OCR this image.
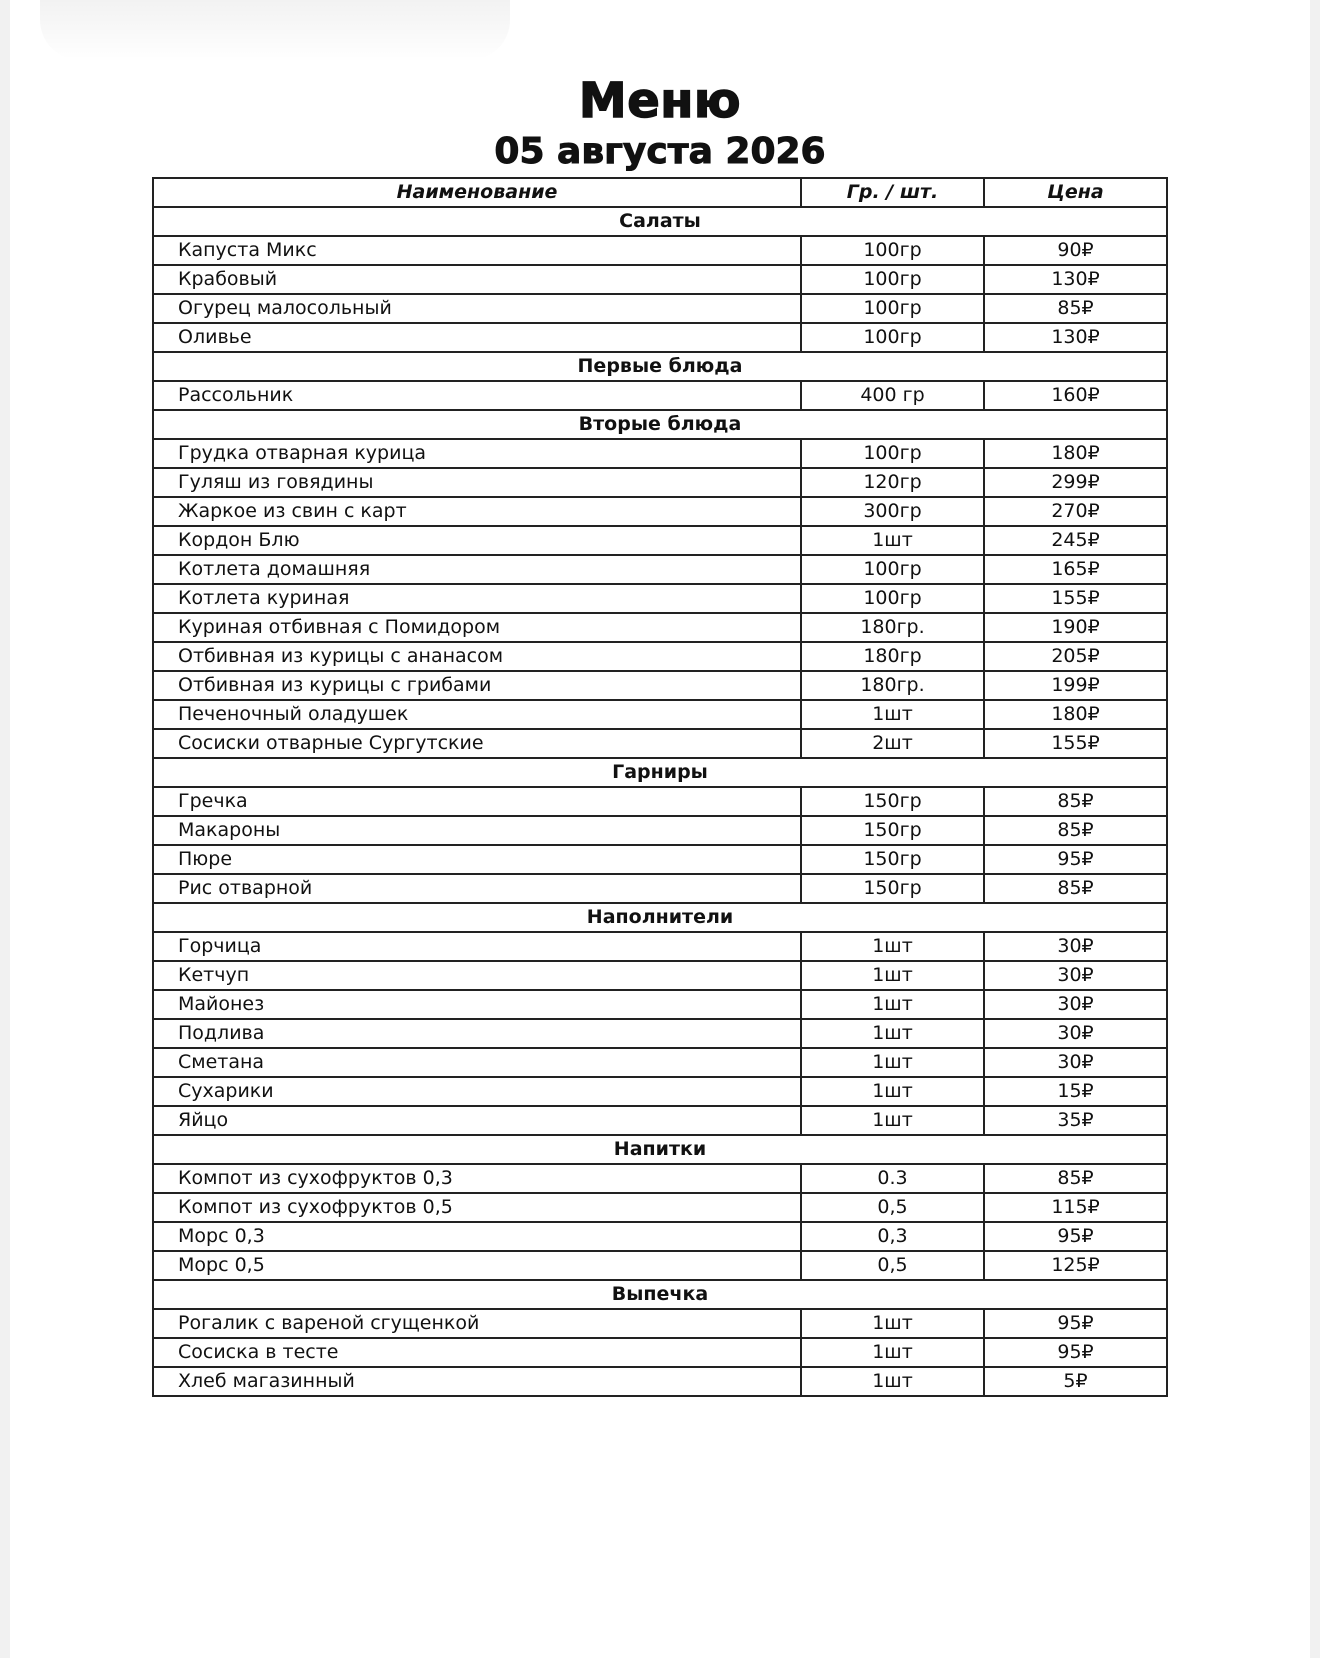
Меню
05 августа 2026
Наименование	Гр. / шт.	Цена
Салаты		
Капуста Микс	100гр	90₽
Крабовый	100гр	130₽
Огурец малосольный	100гр	85₽
Оливье	100гр	130₽
Первые блюда		
Рассольник	400 гр	160₽
Вторые блюда		
Грудка отварная курица	100гр	180₽
Гуляш из говядины	120гр	299₽
Жаркое из свин с карт	300гр	270₽
Кордон Блю	1шт	245₽
Котлета домашняя	100гр	165₽
Котлета куриная	100гр	155₽
Куриная отбивная с Помидором	180гр.	190₽
Отбивная из курицы с ананасом	180гр	205₽
Отбивная из курицы с грибами	180гр.	199₽
Печеночный оладушек	1шт	180₽
Сосиски отварные Сургутские	2шт	155₽
Гарниры		
Гречка	150гр	85₽
Макароны	150гр	85₽
Пюре	150гр	95₽
Рис отварной	150гр	85₽
Наполнители		
Горчица	1шт	30₽
Кетчуп	1шт	30₽
Майонез	1шт	30₽
Подлива	1шт	30₽
Сметана	1шт	30₽
Сухарики	1шт	15₽
Яйцо	1шт	35₽
Напитки		
Компот из сухофруктов 0,3	0.3	85₽
Компот из сухофруктов 0,5	0,5	115₽
Морс 0,3	0,3	95₽
Морс 0,5	0,5	125₽
Выпечка		
Рогалик с вареной сгущенкой	1шт	95₽
Сосиска в тесте	1шт	95₽
Хлеб магазинный	1шт	5₽
